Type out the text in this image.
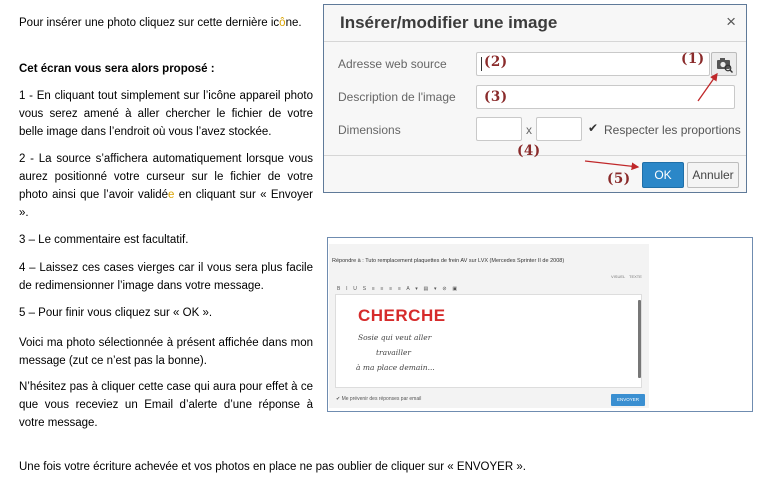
Pour insérer une photo cliquez sur cette dernière icône.

Cet écran vous sera alors proposé :

1 - En cliquant tout simplement sur l’icône appareil photo vous serez amené à aller chercher le fichier de votre belle image dans l’endroit où vous l’avez stockée.

2 - La source s’affichera automatiquement lorsque vous aurez positionné votre curseur sur le fichier de votre photo ainsi que l’avoir validée en cliquant sur « Envoyer ».

3 – Le commentaire est facultatif.

4 – Laissez ces cases vierges car il vous sera plus facile de redimensionner l’image dans votre message.

5 – Pour finir vous cliquez sur « OK ».

Voici ma photo sélectionnée à présent affichée dans mon message (zut ce n’est pas la bonne).

N’hésitez pas à cliquer cette case qui aura pour effet à ce que vous receviez un Email d’alerte d’une réponse à votre message.

Une fois votre écriture achevée et vos photos en place ne pas oublier de cliquer sur « ENVOYER ».
Insérer/modifier une image	×
Adresse web source
Description de l'image
Dimensions	x	✔ Respecter les proportions
OK	Annuler
(1)
(2)
(3)
(4)
(5)
Répondre à : Tuto remplacement plaquettes de frein AV sur LVX (Mercedes Sprinter II de 2008)
VISUEL TEXTE
B I U S ≡ ≡ ≡ ≡ A ▾ ▤ ▾ ⊘ ▣
CHERCHE
Sosie qui veut aller
travailler
à ma place demain...
✔ Me prévenir des réponses par email	ENVOYER
